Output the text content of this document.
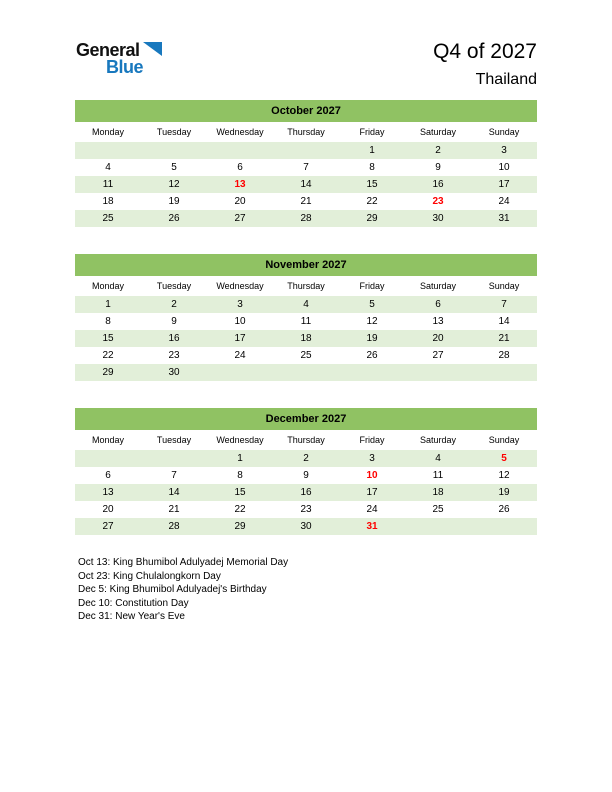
General
Blue
Q4 of 2027
Thailand
October 2027						
Monday	Tuesday	Wednesday	Thursday	Friday	Saturday	Sunday
				1	2	3
4	5	6	7	8	9	10
11	12	13	14	15	16	17
18	19	20	21	22	23	24
25	26	27	28	29	30	31
November 2027						
Monday	Tuesday	Wednesday	Thursday	Friday	Saturday	Sunday
1	2	3	4	5	6	7
8	9	10	11	12	13	14
15	16	17	18	19	20	21
22	23	24	25	26	27	28
29	30					
December 2027						
Monday	Tuesday	Wednesday	Thursday	Friday	Saturday	Sunday
		1	2	3	4	5
6	7	8	9	10	11	12
13	14	15	16	17	18	19
20	21	22	23	24	25	26
27	28	29	30	31		
Oct 13: King Bhumibol Adulyadej Memorial Day
Oct 23: King Chulalongkorn Day
Dec 5: King Bhumibol Adulyadej's Birthday
Dec 10: Constitution Day
Dec 31: New Year's Eve
